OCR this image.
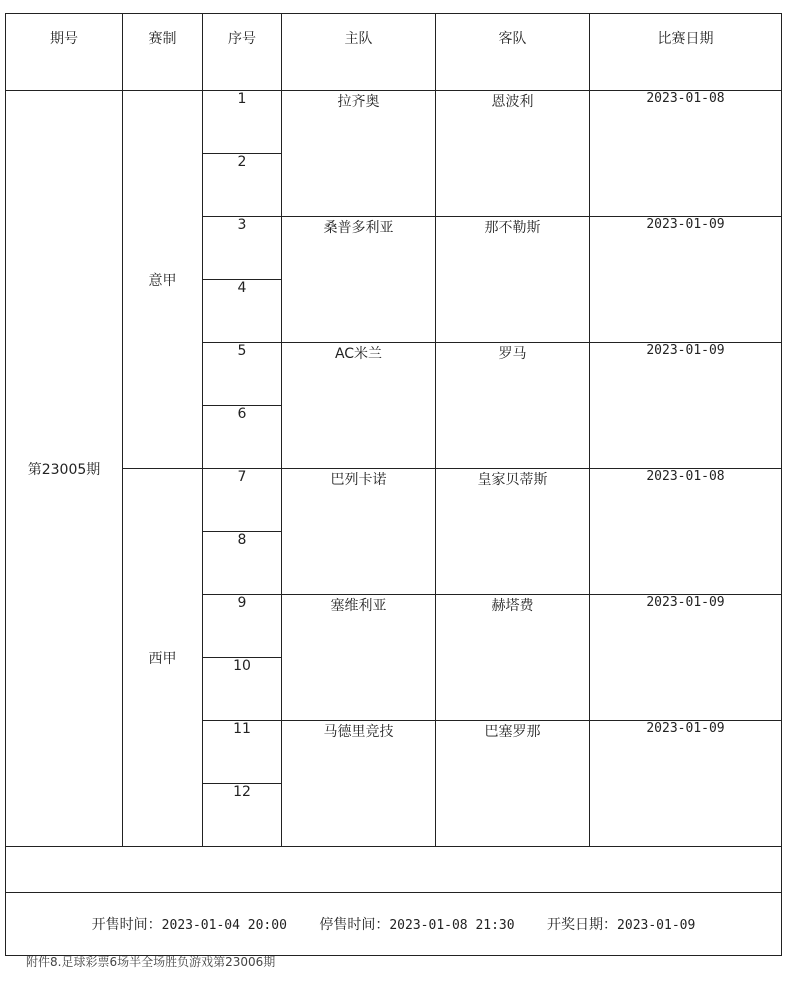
期号	赛制	序号	主队	客队	比赛日期
第23005期	意甲	1	拉齐奥	恩波利	2023-01-08
		2			
		3	桑普多利亚	那不勒斯	2023-01-09
		4			
		5	AC米兰	罗马	2023-01-09
		6			
	西甲	7	巴列卡诺	皇家贝蒂斯	2023-01-08
		8			
		9	塞维利亚	赫塔费	2023-01-09
		10			
		11	马德里竞技	巴塞罗那	2023-01-09
		12			

开售时间：2023-01-04 20:00 停售时间：2023-01-08 21:30 开奖日期：2023-01-09					
附件8.足球彩票6场半全场胜负游戏第23006期
